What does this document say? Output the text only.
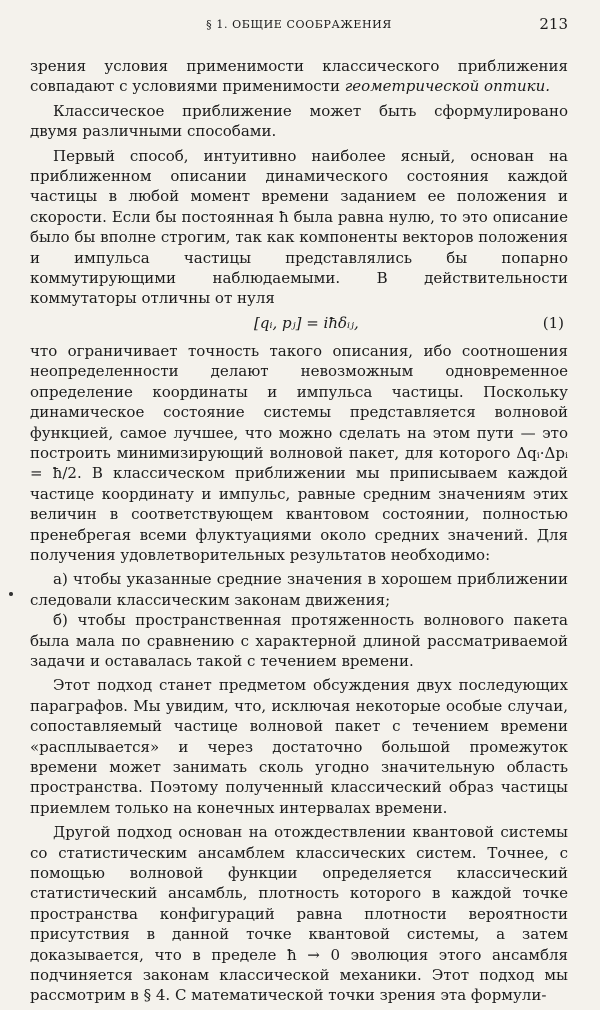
§ 1. ОБЩИЕ СООБРАЖЕНИЯ	213

зрения условия применимости классического приближения совпадают с условиями применимости геометрической оптики.

Классическое приближение может быть сформулировано двумя различными способами.

Первый способ, интуитивно наиболее ясный, основан на приближенном описании динамического состояния каждой частицы в любой момент времени заданием ее положения и скорости. Если бы постоянная ħ была равна нулю, то это описание было бы вполне строгим, так как компоненты векторов положения и импульса частицы представлялись бы попарно коммутирующими наблюдаемыми. В действительности коммутаторы отличны от нуля

[qᵢ, pⱼ] = iħδᵢⱼ,	(1)

что ограничивает точность такого описания, ибо соотношения неопределенности делают невозможным одновременное определение координаты и импульса частицы. Поскольку динамическое состояние системы представляется волновой функцией, самое лучшее, что можно сделать на этом пути — это построить минимизирующий волновой пакет, для которого Δqᵢ·Δpᵢ = ħ/2. В классическом приближении мы приписываем каждой частице координату и импульс, равные средним значениям этих величин в соответствующем квантовом состоянии, полностью пренебрегая всеми флуктуациями около средних значений. Для получения удовлетворительных результатов необходимо:

а) чтобы указанные средние значения в хорошем приближении следовали классическим законам движения;

б) чтобы пространственная протяженность волнового пакета была мала по сравнению с характерной длиной рассматриваемой задачи и оставалась такой с течением времени.

Этот подход станет предметом обсуждения двух последующих параграфов. Мы увидим, что, исключая некоторые особые случаи, сопоставляемый частице волновой пакет с течением времени «расплывается» и через достаточно большой промежуток времени может занимать сколь угодно значительную область пространства. Поэтому полученный классический образ частицы приемлем только на конечных интервалах времени.

Другой подход основан на отождествлении квантовой системы со статистическим ансамблем классических систем. Точнее, с помощью волновой функции определяется классический статистический ансамбль, плотность которого в каждой точке пространства конфигураций равна плотности вероятности присутствия в данной точке квантовой системы, а затем доказывается, что в пределе ħ → 0 эволюция этого ансамбля подчиняется законам классической механики. Этот подход мы рассмотрим в § 4. С математической точки зрения эта формули-
